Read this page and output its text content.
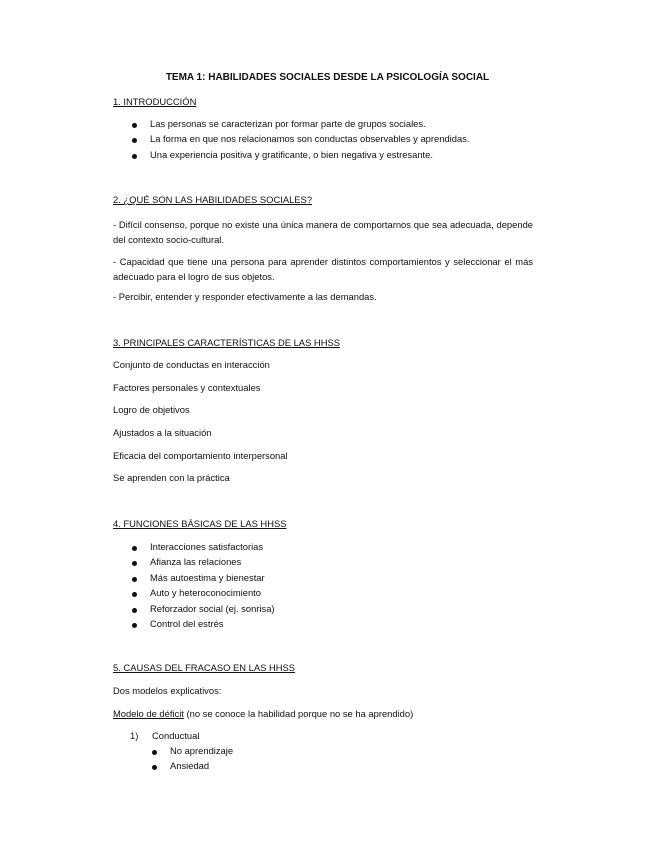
TEMA 1: HABILIDADES SOCIALES DESDE LA PSICOLOGÍA SOCIAL
1. INTRODUCCIÓN
Las personas se caracterizan por formar parte de grupos sociales.
La forma en que nos relacionamos son conductas observables y aprendidas.
Una experiencia positiva y gratificante, o bien negativa y estresante.
2. ¿QUÉ SON LAS HABILIDADES SOCIALES?
- Difícil consenso, porque no existe una única manera de comportarnos que sea adecuada, depende del contexto socio-cultural.
- Capacidad que tiene una persona para aprender distintos comportamientos y seleccionar el más adecuado para el logro de sus objetos.
- Percibir, entender y responder efectivamente a las demandas.
3. PRINCIPALES CARACTERÍSTICAS DE LAS HHSS
Conjunto de conductas en interacción
Factores personales y contextuales
Logro de objetivos
Ajustados a la situación
Eficacia del comportamiento interpersonal
Se aprenden con la práctica
4. FUNCIONES BÁSICAS DE LAS HHSS
Interacciones satisfactorias
Afianza las relaciones
Más autoestima y bienestar
Auto y heteroconocimiento
Reforzador social (ej. sonrisa)
Control del estrés
5. CAUSAS DEL FRACASO EN LAS HHSS
Dos modelos explicativos:
Modelo de déficit (no se conoce la habilidad porque no se ha aprendido)
1) Conductual
No aprendizaje
Ansiedad
